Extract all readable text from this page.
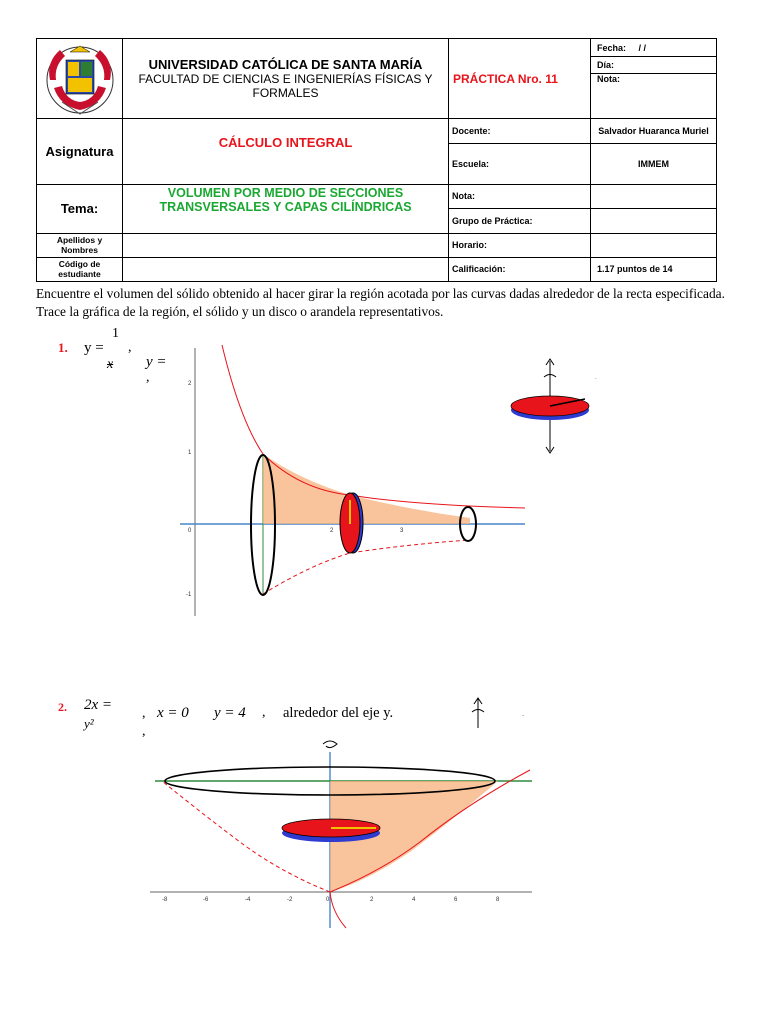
UNIVERSIDAD CATÓLICA DE SANTA MARÍA
FACULTAD DE CIENCIAS E INGENIERÍAS FÍSICAS Y FORMALES	PRÁCTICA Nro. 11	Fecha: / /
			Día:
			Nota:
Asignatura	CÁLCULO INTEGRAL	Docente:	Salvador Huaranca Muriel
		Escuela:	IMMEM
Tema:	VOLUMEN POR MEDIO DE SECCIONES TRANSVERSALES Y CAPAS CILÍNDRICAS	Nota:	
		Grupo de Práctica:	
Apellidos y Nombres		Horario:	
Código de estudiante		Calificación:	1.17 puntos de 14
Encuentre el volumen del sólido obtenido al hacer girar la región acotada por las curvas dadas alrededor de la recta especificada. Trace la gráfica de la región, el sólido y un disco o arandela representativos.
1. y =
1
x
,
y =
,	2
1
-1
0	2	3
.
2. 2x =
y²
,
,
x = 0 y = 4 , alrededor del eje y.	.
-8	-6	-4	-2	0	2	4	6	8
